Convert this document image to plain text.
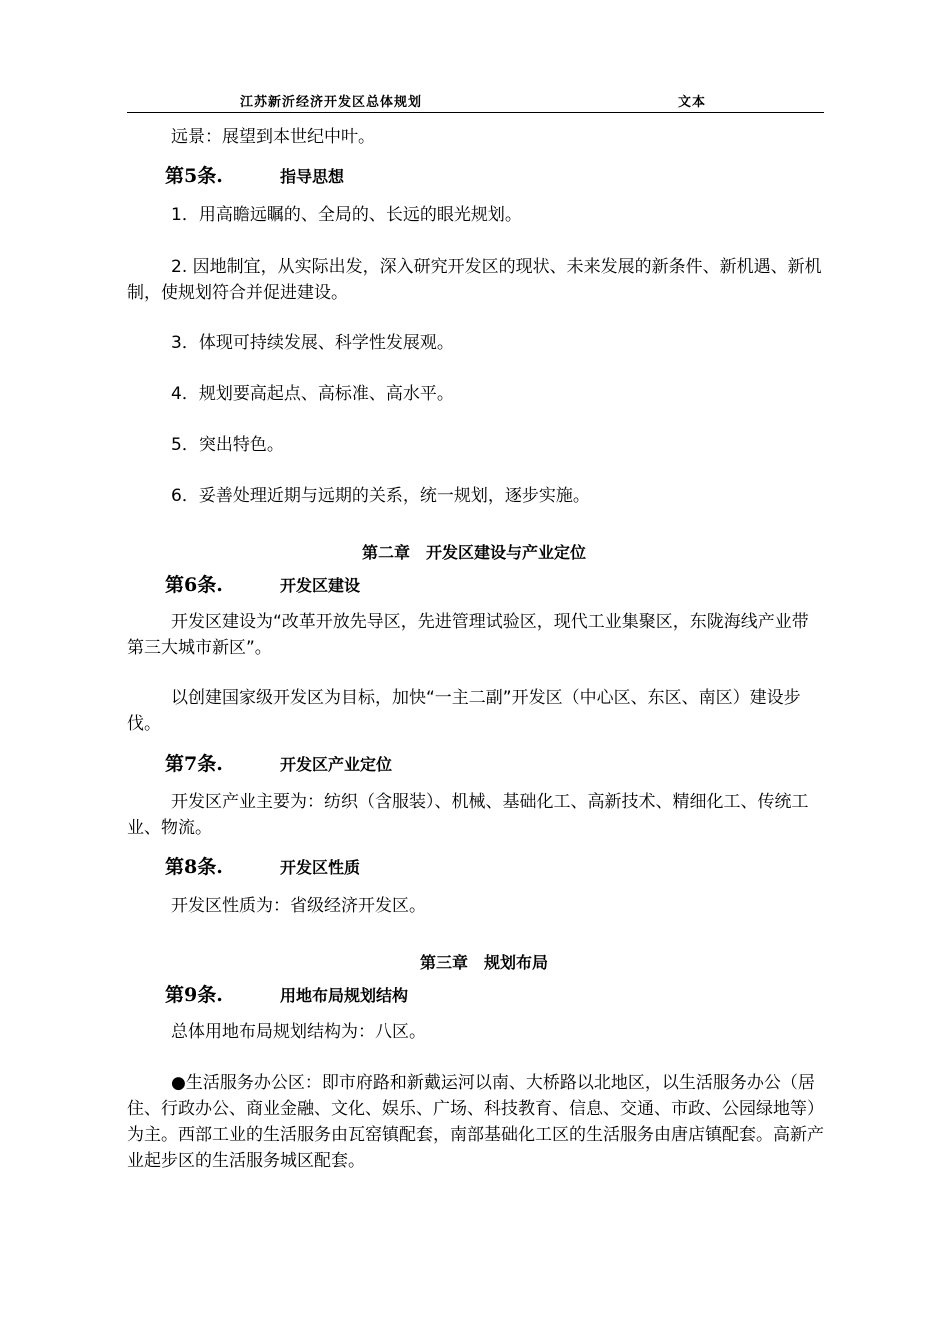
江苏新沂经济开发区总体规划	文本
远景：展望到本世纪中叶。
第5条.	指导思想
1．用高瞻远瞩的、全局的、长远的眼光规划。
2. 因地制宜，从实际出发，深入研究开发区的现状、未来发展的新条件、新机遇、新机制，使规划符合并促进建设。
3．体现可持续发展、科学性发展观。
4．规划要高起点、高标准、高水平。
5．突出特色。
6．妥善处理近期与远期的关系，统一规划，逐步实施。
第二章　开发区建设与产业定位
第6条.	开发区建设
开发区建设为“改革开放先导区，先进管理试验区，现代工业集聚区，东陇海线产业带第三大城市新区”。
以创建国家级开发区为目标，加快“一主二副”开发区（中心区、东区、南区）建设步伐。
第7条.	开发区产业定位
开发区产业主要为：纺织（含服装）、机械、基础化工、高新技术、精细化工、传统工业、物流。
第8条.	开发区性质
开发区性质为：省级经济开发区。
第三章　规划布局
第9条.	用地布局规划结构
总体用地布局规划结构为：八区。
●生活服务办公区：即市府路和新戴运河以南、大桥路以北地区，以生活服务办公（居住、行政办公、商业金融、文化、娱乐、广场、科技教育、信息、交通、市政、公园绿地等）为主。西部工业的生活服务由瓦窑镇配套，南部基础化工区的生活服务由唐店镇配套。高新产业起步区的生活服务城区配套。
